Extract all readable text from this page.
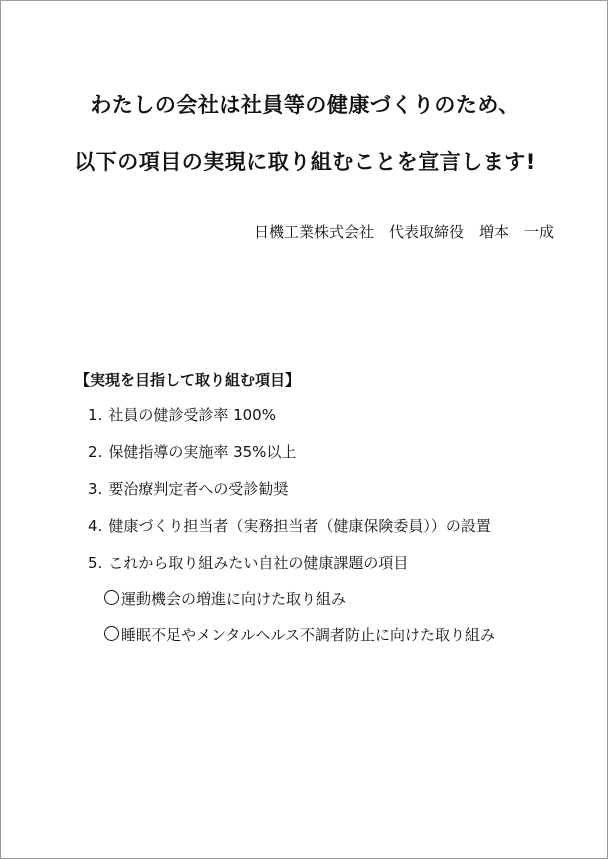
わたしの会社は社員等の健康づくりのため、
以下の項目の実現に取り組むことを宣言します!
日機工業株式会社　代表取締役　増本　一成
【実現を目指して取り組む項目】
1. 社員の健診受診率 100%
2. 保健指導の実施率 35%以上
3. 要治療判定者への受診勧奨
4. 健康づくり担当者（実務担当者（健康保険委員））の設置
5. これから取り組みたい自社の健康課題の項目
運動機会の増進に向けた取り組み
睡眠不足やメンタルヘルス不調者防止に向けた取り組み
